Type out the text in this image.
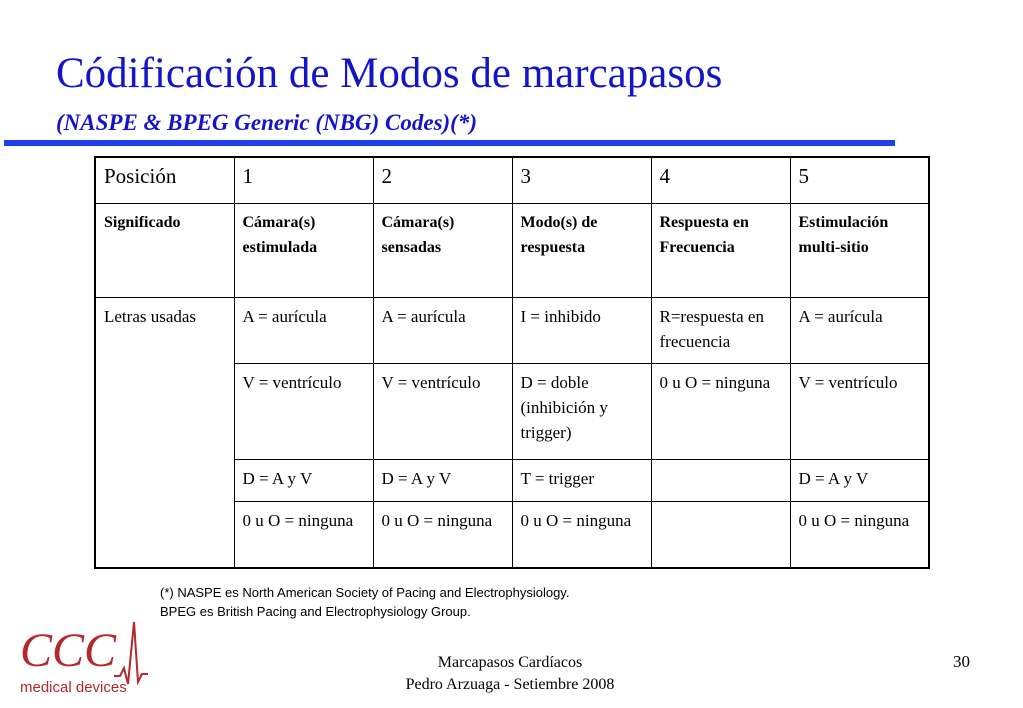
Códificación de Modos de marcapasos
(NASPE & BPEG Generic (NBG) Codes)(*)
Posición	1	2	3	4	5
Significado	Cámara(s) estimulada	Cámara(s) sensadas	Modo(s) de respuesta	Respuesta en Frecuencia	Estimulación multi-sitio
Letras usadas	A = aurícula	A = aurícula	I = inhibido	R=respuesta en frecuencia	A = aurícula
	V = ventrículo	V = ventrículo	D = doble (inhibición y trigger)	0 u O = ninguna	V = ventrículo
	D = A y V	D = A y V	T = trigger		D = A y V
	0 u O = ninguna	0 u O = ninguna	0 u O = ninguna		0 u O = ninguna
(*) NASPE es North American Society of Pacing and Electrophysiology.
BPEG es British Pacing and Electrophysiology Group.
CCC
medical devices
Marcapasos Cardíacos
Pedro Arzuaga - Setiembre 2008
30
